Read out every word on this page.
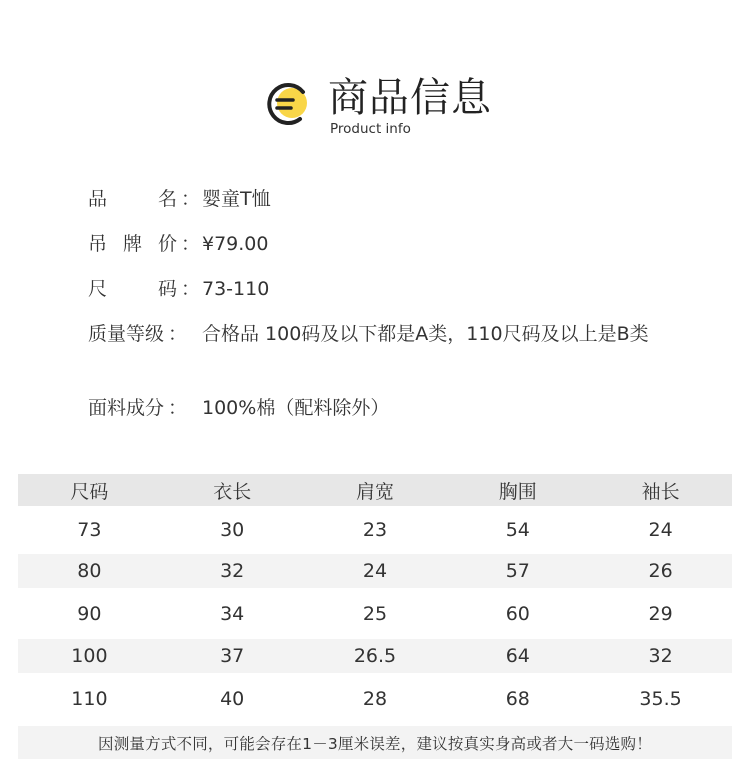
商品信息
Product info
品	名 ： 婴童T恤
吊 牌 价 ： ¥79.00
尺	码 ： 73-110
质量等级 ： 合格品 100码及以下都是A类，110尺码及以上是B类
面料成分 ： 100%棉（配料除外）
尺码	衣长	肩宽	胸围	袖长
73	30	23	54	24
80	32	24	57	26
90	34	25	60	29
100	37	26.5	64	32
110	40	28	68	35.5
因测量方式不同，可能会存在1－3厘米误差，建议按真实身高或者大一码选购！
